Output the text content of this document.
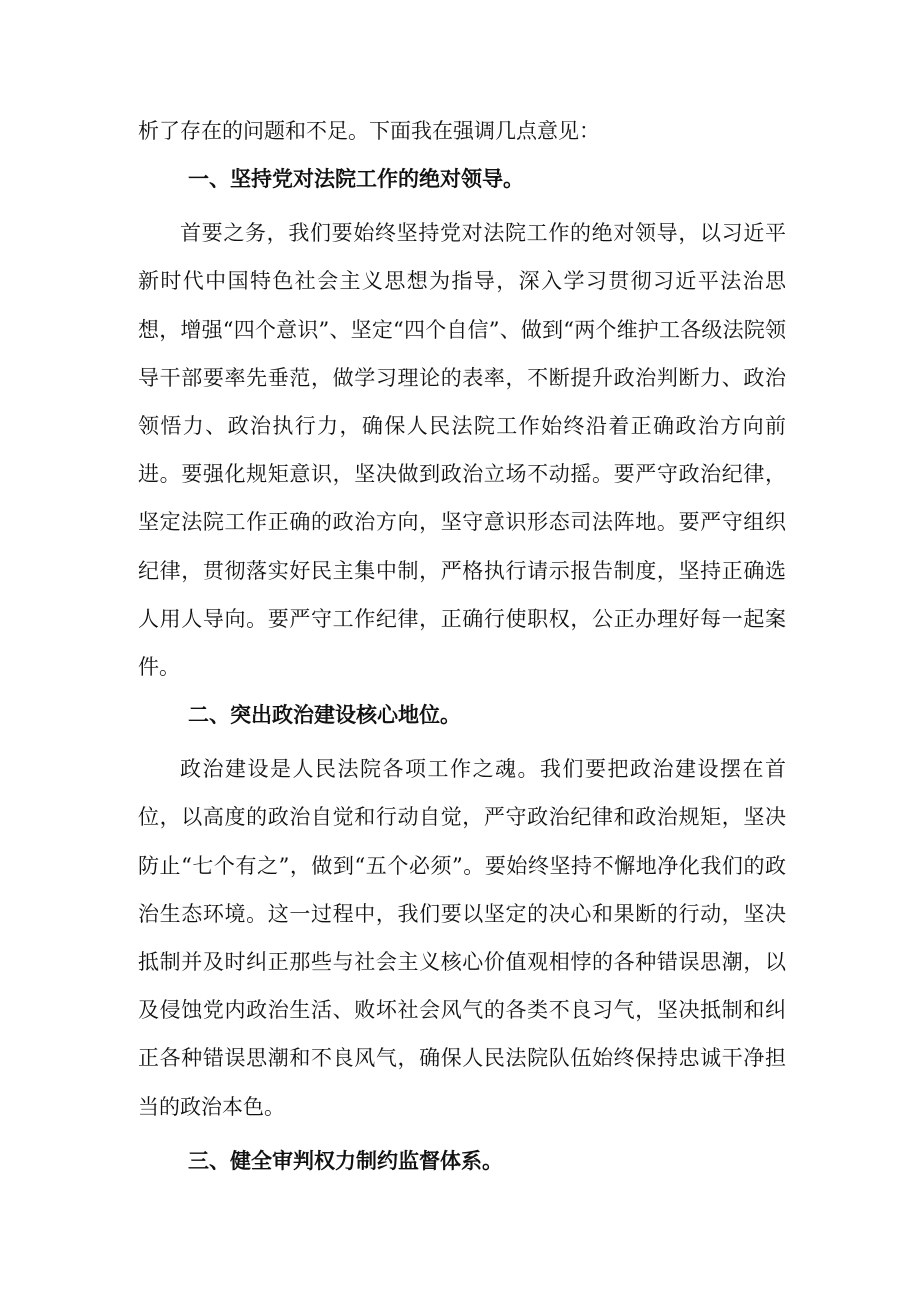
析了存在的问题和不足。下面我在强调几点意见：

一、坚持党对法院工作的绝对领导。

首要之务，我们要始终坚持党对法院工作的绝对领导，以习近平新时代中国特色社会主义思想为指导，深入学习贯彻习近平法治思想，增强“四个意识”、坚定“四个自信”、做到“两个维护工各级法院领导干部要率先垂范，做学习理论的表率，不断提升政治判断力、政治领悟力、政治执行力，确保人民法院工作始终沿着正确政治方向前进。要强化规矩意识，坚决做到政治立场不动摇。要严守政治纪律，坚定法院工作正确的政治方向，坚守意识形态司法阵地。要严守组织纪律，贯彻落实好民主集中制，严格执行请示报告制度，坚持正确选人用人导向。要严守工作纪律，正确行使职权，公正办理好每一起案件。

二、突出政治建设核心地位。

政治建设是人民法院各项工作之魂。我们要把政治建设摆在首位，以高度的政治自觉和行动自觉，严守政治纪律和政治规矩，坚决防止“七个有之”，做到“五个必须”。要始终坚持不懈地净化我们的政治生态环境。这一过程中，我们要以坚定的决心和果断的行动，坚决抵制并及时纠正那些与社会主义核心价值观相悖的各种错误思潮，以及侵蚀党内政治生活、败坏社会风气的各类不良习气，坚决抵制和纠正各种错误思潮和不良风气，确保人民法院队伍始终保持忠诚干净担当的政治本色。

三、健全审判权力制约监督体系。
